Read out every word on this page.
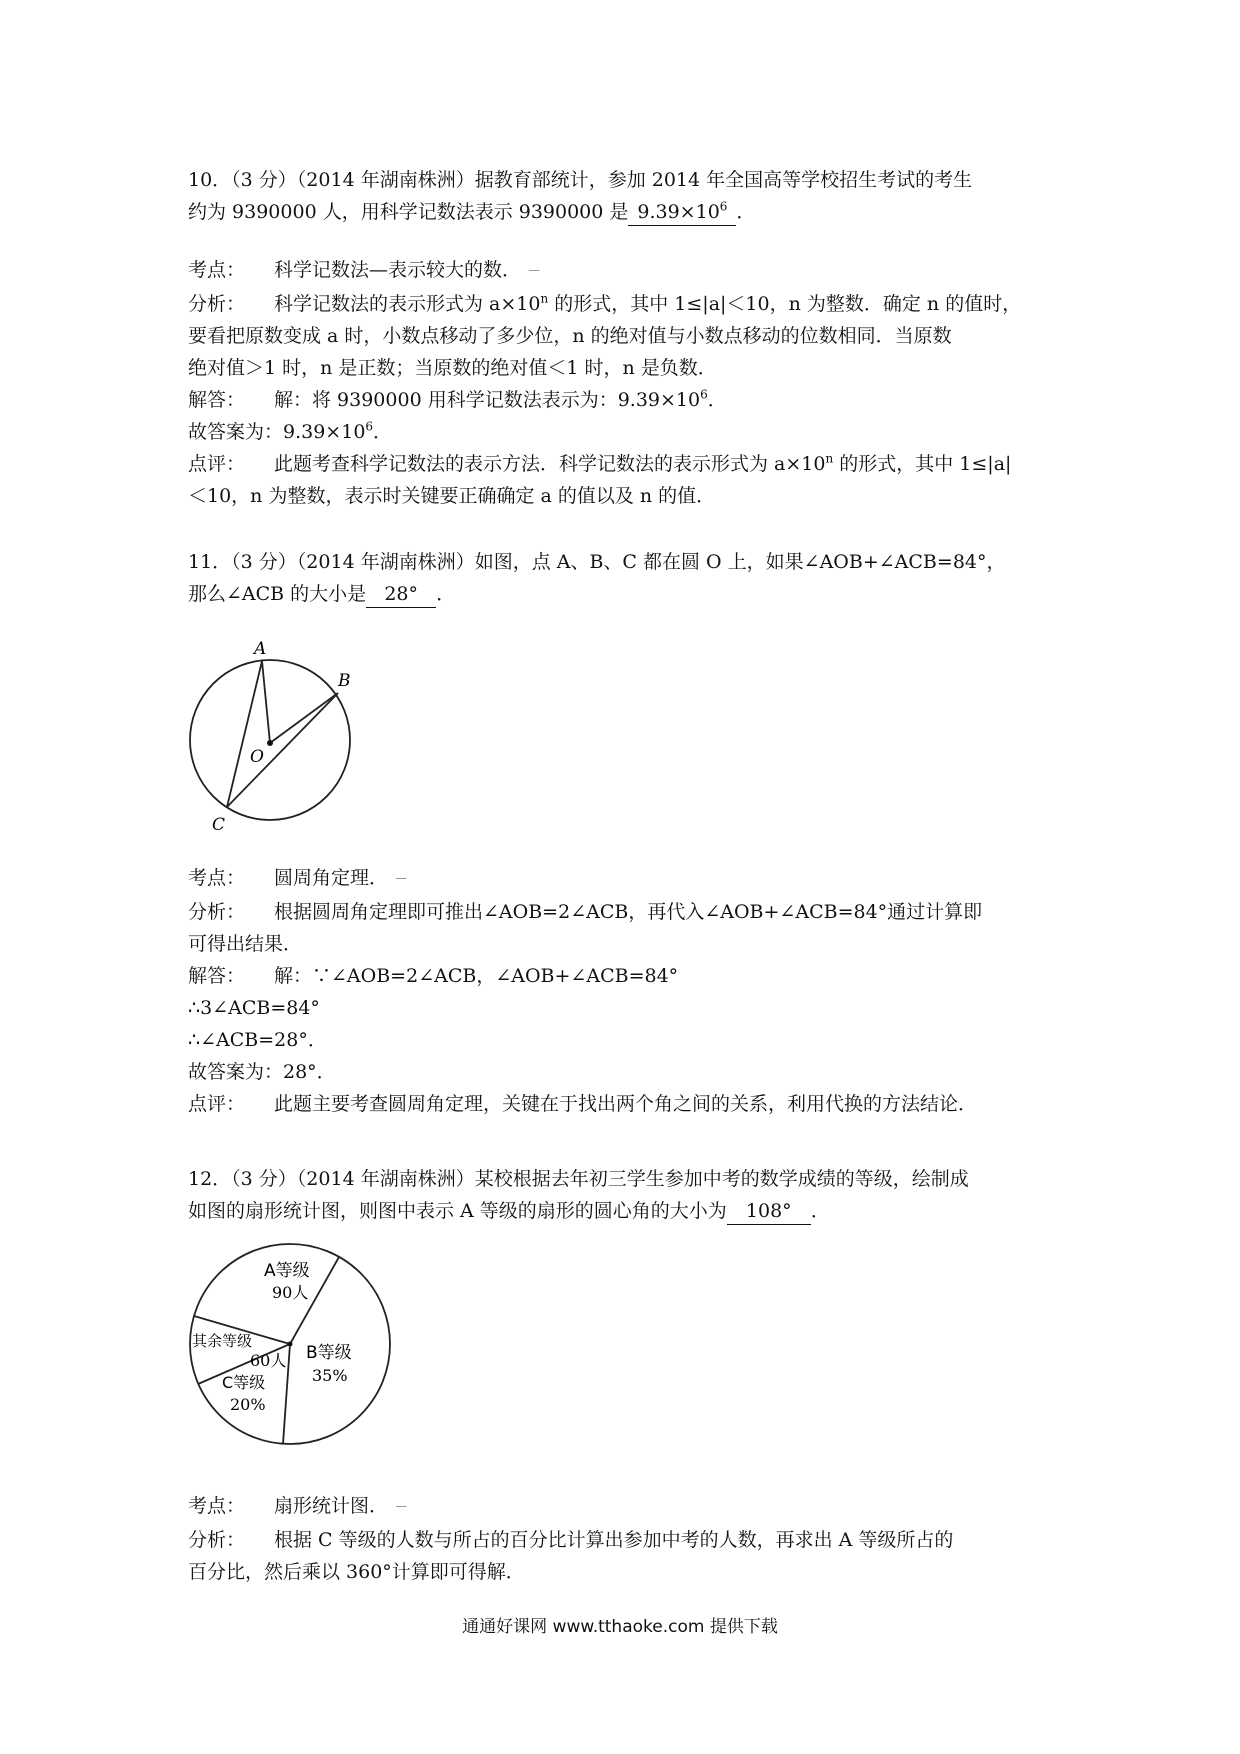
10．（3 分）（2014 年湖南株洲）据教育部统计，参加 2014 年全国高等学校招生考试的考生
约为 9390000 人，用科学记数法表示 9390000 是 $9.39\times 10^6$ ．
考点： 科学记数法—表示较大的数． －
分析： 科学记数法的表示形式为 $a\times 10^n$ 的形式，其中 1≤|a|＜10，n 为整数．确定 n 的值时，
要看把原数变成 a 时，小数点移动了多少位，n 的绝对值与小数点移动的位数相同．当原数
绝对值＞1 时，n 是正数；当原数的绝对值＜1 时，n 是负数．
解答： 解：将 9390000 用科学记数法表示为：$9.39\times 10^6$．
故答案为：$9.39\times 10^6$．
点评： 此题考查科学记数法的表示方法．科学记数法的表示形式为 $a\times 10^n$ 的形式，其中 1≤|a|
＜10，n 为整数，表示时关键要正确确定 a 的值以及 n 的值．
11．（3 分）（2014 年湖南株洲）如图，点 A、B、C 都在圆 O 上，如果∠AOB+∠ACB=84°，
那么∠ACB 的大小是 28° ．
A
B
C
O
考点： 圆周角定理． －
分析： 根据圆周角定理即可推出∠AOB=2∠ACB，再代入∠AOB+∠ACB=84°通过计算即
可得出结果．
解答： 解：∵∠AOB=2∠ACB，∠AOB+∠ACB=84°
∴3∠ACB=84°
∴∠ACB=28°．
故答案为：28°．
点评： 此题主要考查圆周角定理，关键在于找出两个角之间的关系，利用代换的方法结论．
12．（3 分）（2014 年湖南株洲）某校根据去年初三学生参加中考的数学成绩的等级，绘制成
如图的扇形统计图，则图中表示 A 等级的扇形的圆心角的大小为 108° ．
A等级
90人
其余等级
60人
C等级
20%
B等级
35%
考点： 扇形统计图． －
分析： 根据 C 等级的人数与所占的百分比计算出参加中考的人数，再求出 A 等级所占的
百分比，然后乘以 360°计算即可得解．
通通好课网 www.tthaoke.com 提供下载
